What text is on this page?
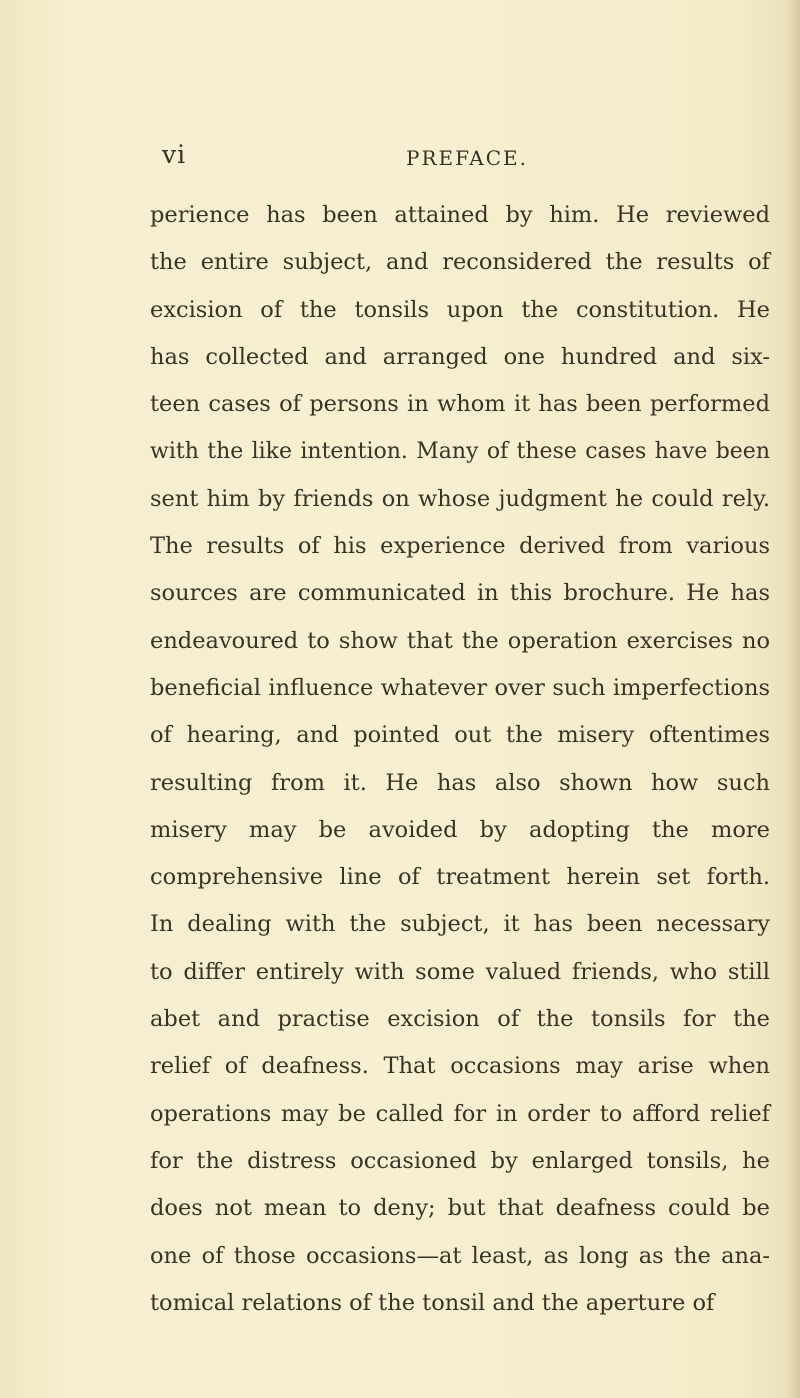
vi	PREFACE.
perience has been attained by him. He reviewed
the entire subject, and reconsidered the results of
excision of the tonsils upon the constitution. He
has collected and arranged one hundred and six-
teen cases of persons in whom it has been performed
with the like intention. Many of these cases have been
sent him by friends on whose judgment he could rely.
The results of his experience derived from various
sources are communicated in this brochure. He has
endeavoured to show that the operation exercises no
beneficial influence whatever over such imperfections
of hearing, and pointed out the misery oftentimes
resulting from it. He has also shown how such
misery may be avoided by adopting the more
comprehensive line of treatment herein set forth.
In dealing with the subject, it has been necessary
to differ entirely with some valued friends, who still
abet and practise excision of the tonsils for the
relief of deafness. That occasions may arise when
operations may be called for in order to afford relief
for the distress occasioned by enlarged tonsils, he
does not mean to deny; but that deafness could be
one of those occasions—at least, as long as the ana-
tomical relations of the tonsil and the aperture of
